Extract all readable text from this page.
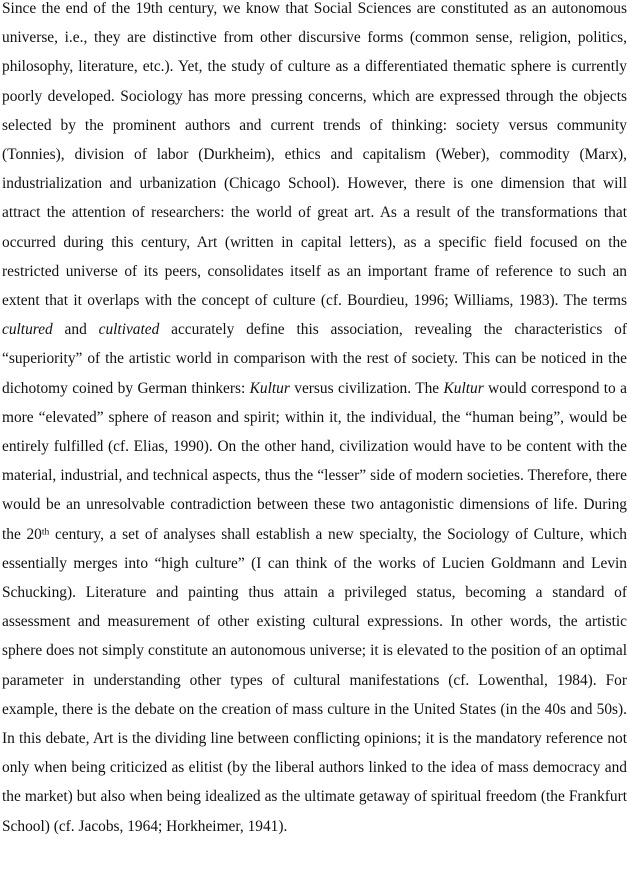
Since the end of the 19th century, we know that Social Sciences are constituted as an autonomous universe, i.e., they are distinctive from other discursive forms (common sense, religion, politics, philosophy, literature, etc.). Yet, the study of culture as a differentiated thematic sphere is currently poorly developed. Sociology has more pressing concerns, which are expressed through the objects selected by the prominent authors and current trends of thinking: society versus community (Tonnies), division of labor (Durkheim), ethics and capitalism (Weber), commodity (Marx), industrialization and urbanization (Chicago School). However, there is one dimension that will attract the attention of researchers: the world of great art. As a result of the transformations that occurred during this century, Art (written in capital letters), as a specific field focused on the restricted universe of its peers, consolidates itself as an important frame of reference to such an extent that it overlaps with the concept of culture (cf. Bourdieu, 1996; Williams, 1983). The terms cultured and cultivated accurately define this association, revealing the characteristics of “superiority” of the artistic world in comparison with the rest of society. This can be noticed in the dichotomy coined by German thinkers: Kultur versus civilization. The Kultur would correspond to a more “elevated” sphere of reason and spirit; within it, the individual, the “human being”, would be entirely fulfilled (cf. Elias, 1990). On the other hand, civilization would have to be content with the material, industrial, and technical aspects, thus the “lesser” side of modern societies. Therefore, there would be an unresolvable contradiction between these two antagonistic dimensions of life. During the 20th century, a set of analyses shall establish a new specialty, the Sociology of Culture, which essentially merges into “high culture” (I can think of the works of Lucien Goldmann and Levin Schucking). Literature and painting thus attain a privileged status, becoming a standard of assessment and measurement of other existing cultural expressions. In other words, the artistic sphere does not simply constitute an autonomous universe; it is elevated to the position of an optimal parameter in understanding other types of cultural manifestations (cf. Lowenthal, 1984). For example, there is the debate on the creation of mass culture in the United States (in the 40s and 50s). In this debate, Art is the dividing line between conflicting opinions; it is the mandatory reference not only when being criticized as elitist (by the liberal authors linked to the idea of mass democracy and the market) but also when being idealized as the ultimate getaway of spiritual freedom (the Frankfurt School) (cf. Jacobs, 1964; Horkheimer, 1941).
